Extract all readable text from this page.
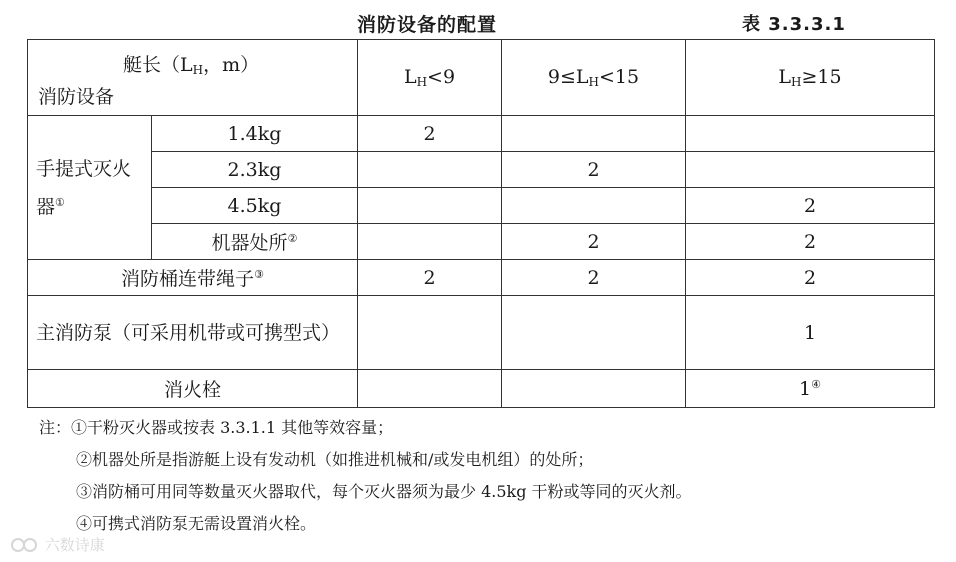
消防设备的配置	表 3.3.3.1
艇长（$L_H$，m）
消防设备		$L_H<9$	$9\le L_H<15$	$L_H\ge 15$
手提式灭火器①	1.4kg	2		
	2.3kg		2	
	4.5kg			2
	机器处所②		2	2
消防桶连带绳子③		2	2	2
主消防泵（可采用机带或可携型式）				1
消火栓				1④
注：①干粉灭火器或按表 3.3.1.1 其他等效容量；
②机器处所是指游艇上设有发动机（如推进机械和/或发电机组）的处所；
③消防桶可用同等数量灭火器取代，每个灭火器须为最少 4.5kg 干粉或等同的灭火剂。
④可携式消防泵无需设置消火栓。
六数诗康
